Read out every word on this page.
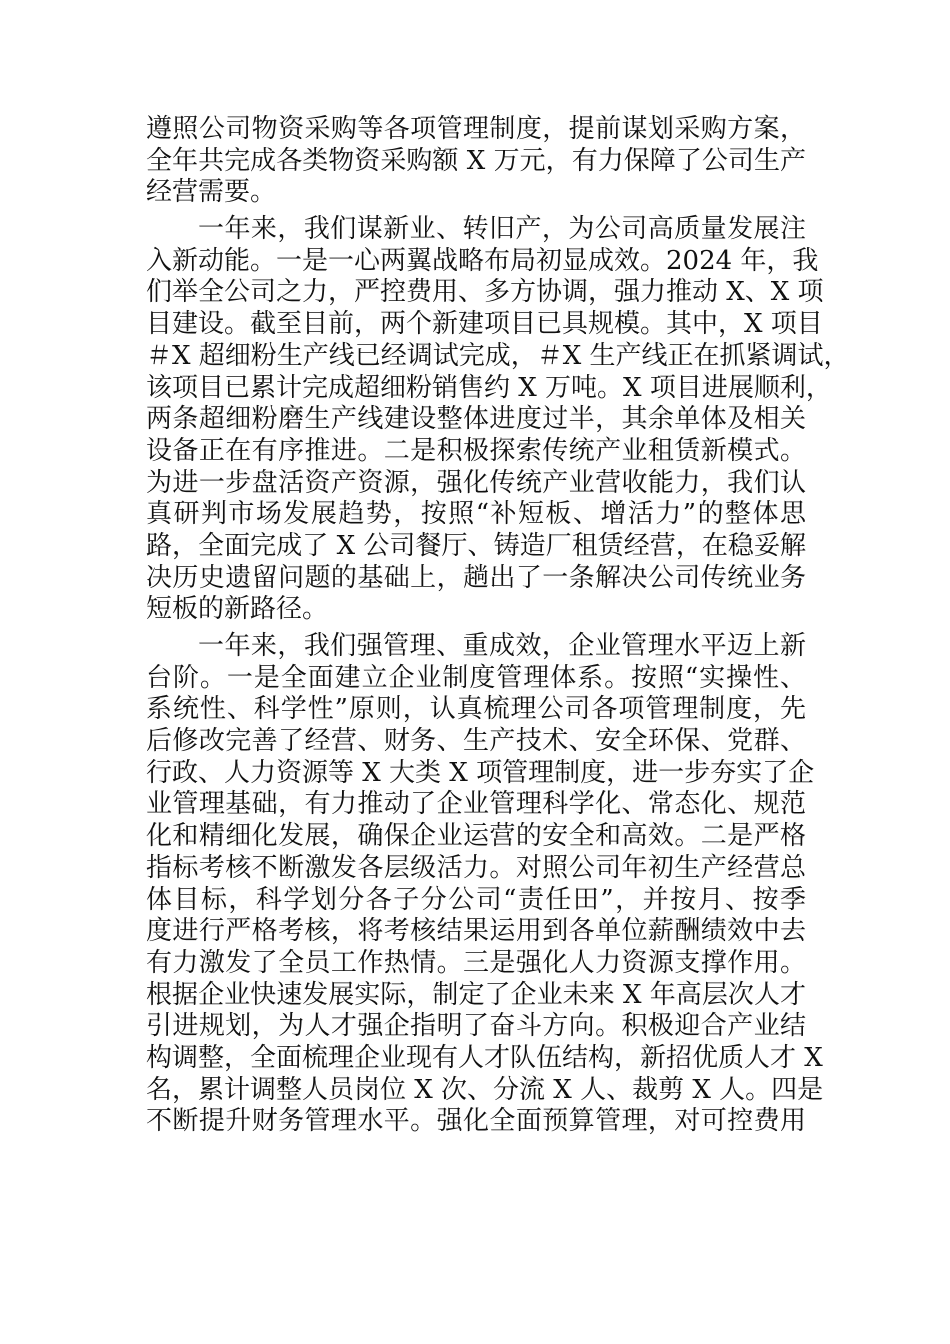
遵照公司物资采购等各项管理制度，提前谋划采购方案，
全年共完成各类物资采购额 X 万元，有力保障了公司生产
经营需要。
一年来，我们谋新业、转旧产，为公司高质量发展注
入新动能。一是一心两翼战略布局初显成效。2024 年，我
们举全公司之力，严控费用、多方协调，强力推动 X、X 项
目建设。截至目前，两个新建项目已具规模。其中，X 项目
＃X 超细粉生产线已经调试完成，＃X 生产线正在抓紧调试，
该项目已累计完成超细粉销售约 X 万吨。X 项目进展顺利，
两条超细粉磨生产线建设整体进度过半，其余单体及相关
设备正在有序推进。二是积极探索传统产业租赁新模式。
为进一步盘活资产资源，强化传统产业营收能力，我们认
真研判市场发展趋势，按照“补短板、增活力”的整体思
路，全面完成了 X 公司餐厅、铸造厂租赁经营，在稳妥解
决历史遗留问题的基础上，趟出了一条解决公司传统业务
短板的新路径。
一年来，我们强管理、重成效，企业管理水平迈上新
台阶。一是全面建立企业制度管理体系。按照“实操性、
系统性、科学性”原则，认真梳理公司各项管理制度，先
后修改完善了经营、财务、生产技术、安全环保、党群、
行政、人力资源等 X 大类 X 项管理制度，进一步夯实了企
业管理基础，有力推动了企业管理科学化、常态化、规范
化和精细化发展，确保企业运营的安全和高效。二是严格
指标考核不断激发各层级活力。对照公司年初生产经营总
体目标，科学划分各子分公司“责任田”，并按月、按季
度进行严格考核，将考核结果运用到各单位薪酬绩效中去
有力激发了全员工作热情。三是强化人力资源支撑作用。
根据企业快速发展实际，制定了企业未来 X 年高层次人才
引进规划，为人才强企指明了奋斗方向。积极迎合产业结
构调整，全面梳理企业现有人才队伍结构，新招优质人才 X
名，累计调整人员岗位 X 次、分流 X 人、裁剪 X 人。四是
不断提升财务管理水平。强化全面预算管理，对可控费用
